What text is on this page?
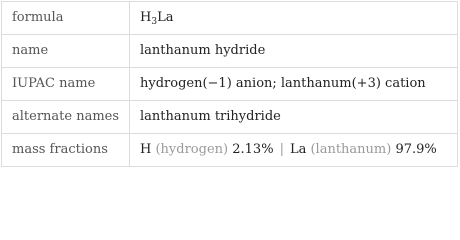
formula	$H_3La$
name	lanthanum hydride
IUPAC name	hydrogen(−1) anion; lanthanum(+3) cation
alternate names	lanthanum trihydride
mass fractions	H (hydrogen) 2.13% | La (lanthanum) 97.9%
